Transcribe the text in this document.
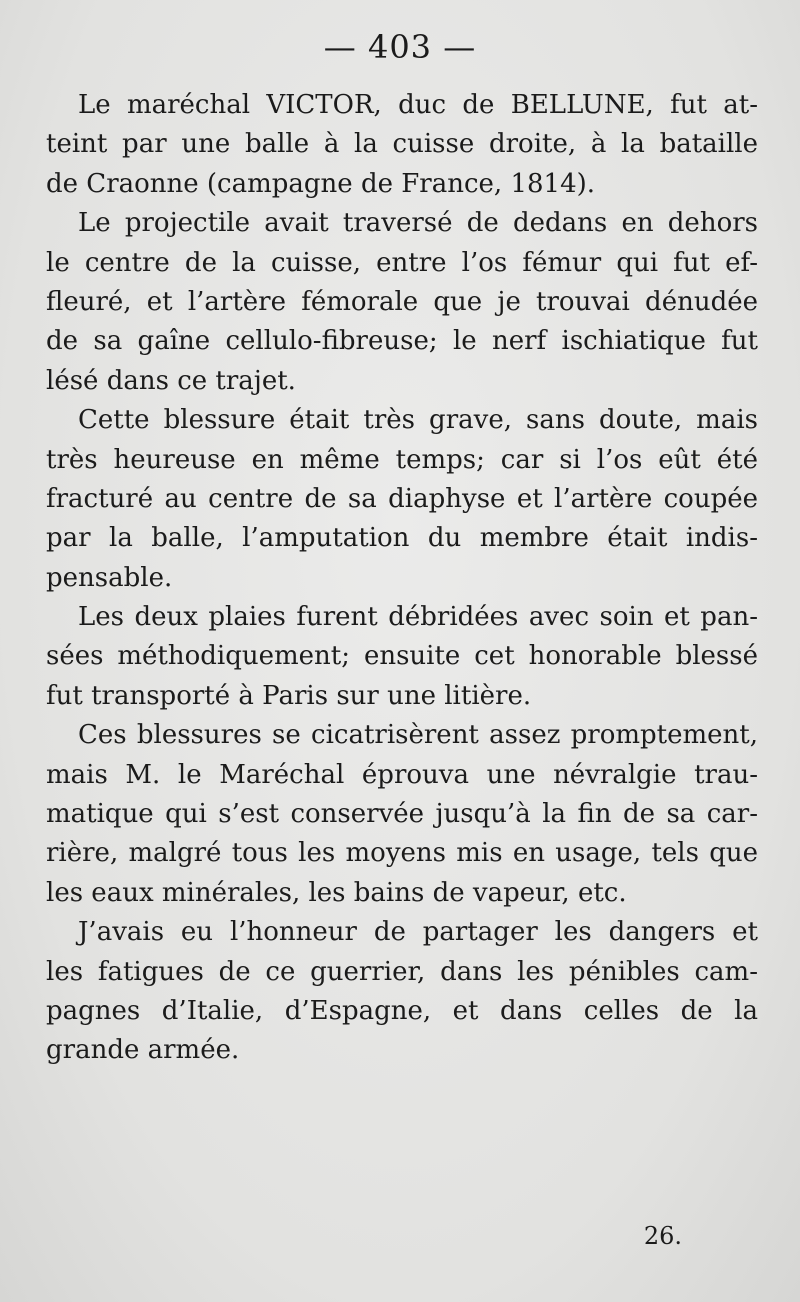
— 403 —

Le maréchal VICTOR, duc de BELLUNE, fut at-
teint par une balle à la cuisse droite, à la bataille
de Craonne (campagne de France, 1814).

Le projectile avait traversé de dedans en dehors
le centre de la cuisse, entre l’os fémur qui fut ef-
fleuré, et l’artère fémorale que je trouvai dénudée
de sa gaîne cellulo-fibreuse; le nerf ischiatique fut
lésé dans ce trajet.

Cette blessure était très grave, sans doute, mais
très heureuse en même temps; car si l’os eût été
fracturé au centre de sa diaphyse et l’artère coupée
par la balle, l’amputation du membre était indis-
pensable.

Les deux plaies furent débridées avec soin et pan-
sées méthodiquement; ensuite cet honorable blessé
fut transporté à Paris sur une litière.

Ces blessures se cicatrisèrent assez promptement,
mais M. le Maréchal éprouva une névralgie trau-
matique qui s’est conservée jusqu’à la fin de sa car-
rière, malgré tous les moyens mis en usage, tels que
les eaux minérales, les bains de vapeur, etc.

J’avais eu l’honneur de partager les dangers et
les fatigues de ce guerrier, dans les pénibles cam-
pagnes d’Italie, d’Espagne, et dans celles de la
grande armée.

26.
